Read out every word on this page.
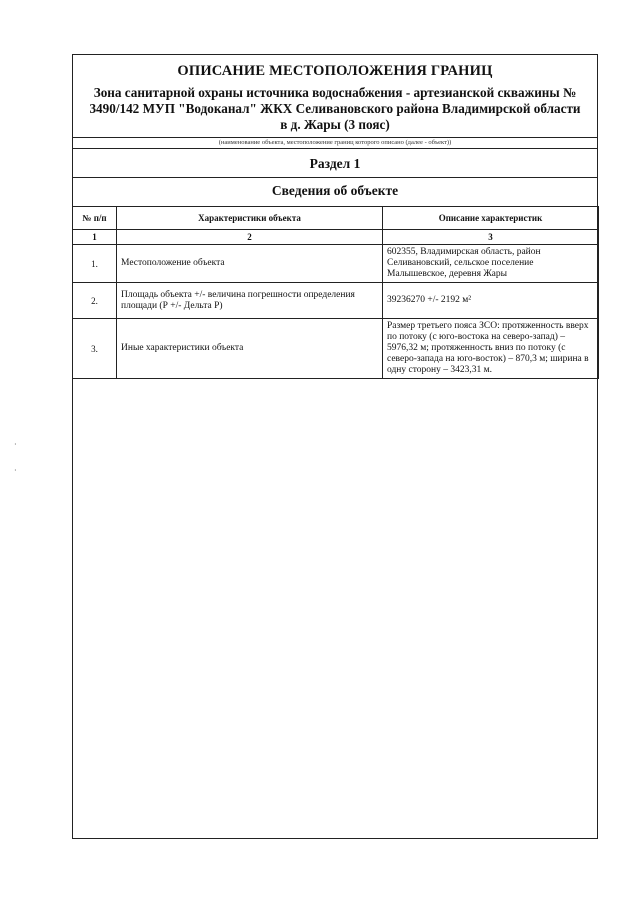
ОПИСАНИЕ МЕСТОПОЛОЖЕНИЯ ГРАНИЦ
Зона санитарной охраны источника водоснабжения - артезианской скважины №
3490/142 МУП "Водоканал" ЖКХ Селивановского района Владимирской области
в д. Жары (3 пояс)
(наименование объекта, местоположение границ которого описано (далее - объект))
Раздел 1
Сведения об объекте
№ п/п	Характеристики объекта	Описание характеристик
1	2	3
1.	Местоположение объекта	602355, Владимирская область, район Селивановский, сельское поселение Малышевское, деревня Жары
2.	Площадь объекта +/- величина погрешности определения площади (Р +/- Дельта Р)	39236270 +/- 2192 м²
3.	Иные характеристики объекта	Размер третьего пояса ЗСО: протяженность вверх по потоку (с юго-востока на северо-запад) – 5976,32 м; протяженность вниз по потоку (с северо-запада на юго-восток) – 870,3 м; ширина в одну сторону – 3423,31 м.
·
·
